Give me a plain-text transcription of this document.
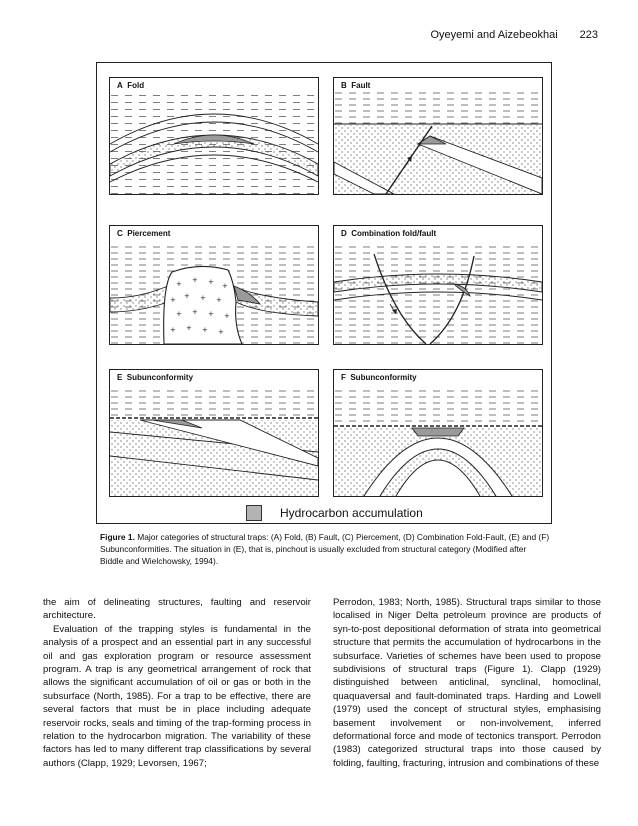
Oyeyemi and Aizebeokhai 223
A Fold	B Fault
C Piercement
+ + + +
+ + + +
+ + + +
+ + + +
D Combination fold/fault
E Subunconformity	F Subunconformity
Hydrocarbon accumulation
Figure 1. Major categories of structural traps: (A) Fold, (B) Fault, (C) Piercement, (D) Combination Fold-Fault, (E) and (F) Subunconformities. The situation in (E), that is, pinchout is usually excluded from structural category (Modified after Biddle and Wielchowsky, 1994).

the aim of delineating structures, faulting and reservoir architecture.

Evaluation of the trapping styles is fundamental in the analysis of a prospect and an essential part in any successful oil and gas exploration program or resource assessment program. A trap is any geometrical arrangement of rock that allows the significant accumulation of oil or gas or both in the subsurface (North, 1985). For a trap to be effective, there are several factors that must be in place including adequate reservoir rocks, seals and timing of the trap-forming process in relation to the hydrocarbon migration. The variability of these factors has led to many different trap classifications by several authors (Clapp, 1929; Levorsen, 1967;

Perrodon, 1983; North, 1985). Structural traps similar to those localised in Niger Delta petroleum province are products of syn-to-post depositional deformation of strata into geometrical structure that permits the accumulation of hydrocarbons in the subsurface. Varieties of schemes have been used to propose subdivisions of structural traps (Figure 1). Clapp (1929) distinguished between anticlinal, synclinal, homoclinal, quaquaversal and fault-dominated traps. Harding and Lowell (1979) used the concept of structural styles, emphasising basement involvement or non-involvement, inferred deformational force and mode of tectonics transport. Perrodon (1983) categorized structural traps into those caused by folding, faulting, fracturing, intrusion and combinations of these
